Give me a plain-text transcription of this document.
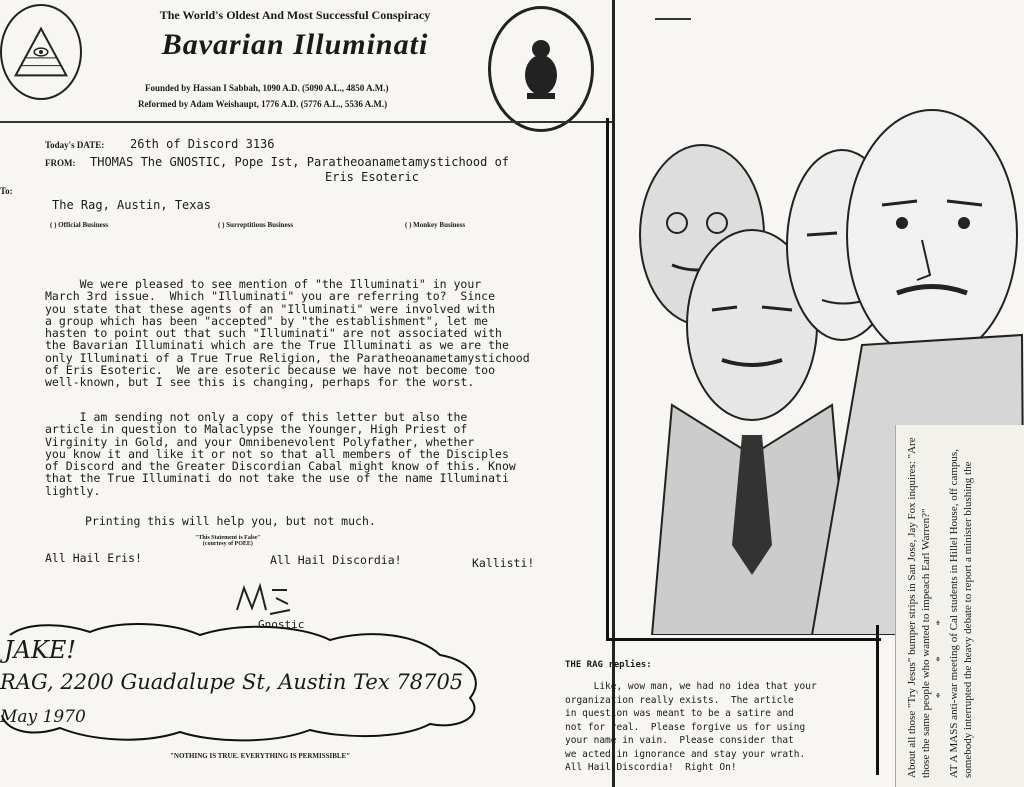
The World's Oldest And Most Successful Conspiracy
Bavarian Illuminati
Founded by Hassan I Sabbah, 1090 A.D. (5090 A.L., 4850 A.M.)
Reformed by Adam Weishaupt, 1776 A.D. (5776 A.L., 5536 A.M.)
Today's DATE: 26th of Discord 3136
FROM: THOMAS The GNOSTIC, Pope Ist, Paratheoanametamystichood of
Eris Esoteric
To:
The Rag, Austin, Texas
( ) Official Business	( ) Surreptitious Business	( ) Monkey Business
We were pleased to see mention of "the Illuminati" in your
March 3rd issue.  Which "Illuminati" you are referring to?  Since
you state that these agents of an "Illuminati" were involved with
a group which has been "accepted" by "the establishment", let me
hasten to point out that such "Illuminati" are not associated with
the Bavarian Illuminati which are the True Illuminati as we are the
only Illuminati of a True True Religion, the Paratheoanametamystichood
of Eris Esoteric.  We are esoteric because we have not become too
well-known, but I see this is changing, perhaps for the worst.
I am sending not only a copy of this letter but also the
article in question to Malaclypse the Younger, High Priest of
Virginity in Gold, and your Omnibenevolent Polyfather, whether
you know it and like it or not so that all members of the Disciples
of Discord and the Greater Discordian Cabal might know of this. Know
that the True Illuminati do not take the use of the name Illuminati
lightly.
Printing this will help you, but not much.
"This Statement is False"
(courtesy of POEE)
All Hail Eris!	All Hail Discordia!	Kallisti!
Gnostic
JAKE!
RAG, 2200 Guadalupe St, Austin Tex 78705
May 1970
"NOTHING IS TRUE. EVERYTHING IS PERMISSIBLE"
THE RAG replies:
Like, wow man, we had no idea that your
organization really exists.  The article
in question was meant to be a satire and
not for real.  Please forgive us for using
your name in vain.  Please consider that
we acted in ignorance and stay your wrath.
All Hail Discordia!  Right On!	About all those "Try Jesus" bumper strips in San Jose, Jay Fox inquires: "Are those the same people who wanted to impeach Earl Warren?" * * * AT A MASS anti-war meeting of Cal students in Hillel House, off campus, somebody interrupted the heavy debate to report a minister blushing the
